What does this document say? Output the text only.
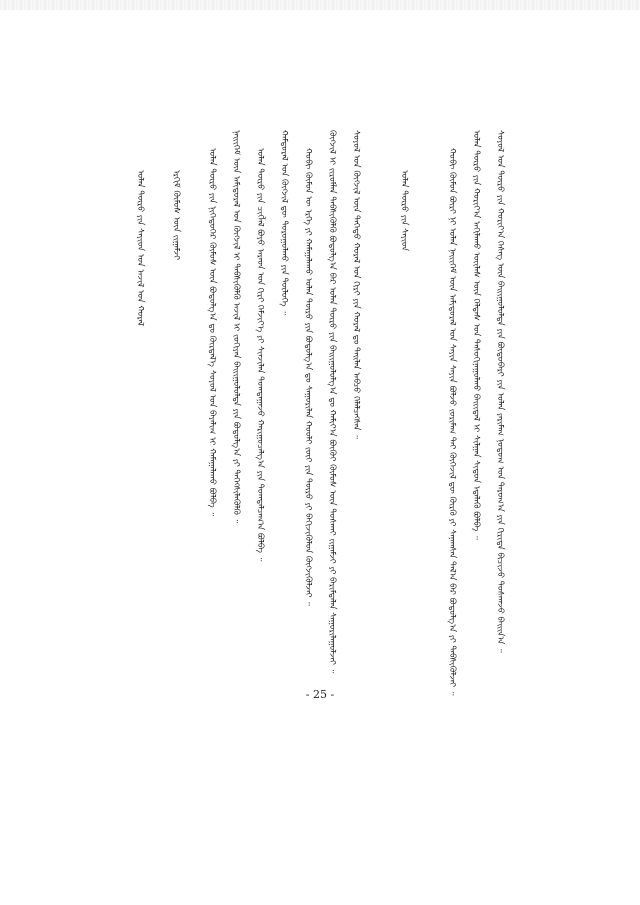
ᠰᠣᠶᠣᠯ ᠤᠨ ᠲᠥᠷᠥ ᠶᠢᠨ ᠬᠣᠷᠢᠶ᠎ᠠ ᠬᠡᠰᠡᠭ ᠦᠨ ᠪᠠᠢᠢᠭᠤᠯᠤᠯᠲᠠ ᠶᠢᠨ ᠪᠦᠳᠦᠪᠡᠷᠢ ᠶᠢᠨ ᠣᠯᠠᠨ ᠶᠠᠷᠢᠮᠠᠭ ᠨᠤᠲᠤᠭ ᠤᠨ ᠳᠠᠷᠤᠭ᠎ᠠ ᠶᠢᠨ ᠬᠢᠷᠢᠳᠡ ᠪᠢᠴᠢᠵᠦ ᠲᠤᠰᠬᠠᠵᠤ ᠪᠠᠢᠢᠨ᠎ᠠ ᠃
ᠣᠯᠠᠨ ᠲᠥᠷᠥ ᠶᠢᠨ ᠬᠣᠷᠢᠶ᠎ᠠ ᠠᠬᠢᠯᠠᠬᠤ ᠦᠢᠯᠡᠰ ᠦᠨ ᠬᠡᠯᠲᠡᠰ ᠤᠨ ᠲᠠᠰᠤᠭᠢᠨᠠᠭᠤᠯᠬᠤ ᠪᠠᠢᠢᠳᠠᠯ ᠢ ᠰᠢᠯᠭᠠᠨ ᠰᠢᠳᠤᠨ ᠡᠳᠡᠯᠡᠬᠦ ᠪᠣᠯᠪᠠ ᠃
ᠬᠤᠪᠢ ᠬᠦᠮᠦᠨ ᠪᠦᠷᠢ ᠨᠢ ᠣᠯᠠᠨ ᠨᠡᠢᠢᠭᠡᠮ ᠦᠨ ᠠᠮᠢᠳᠤᠷᠠᠯ ᠤᠨ ᠰᠠᠶᠢᠨ ᠰᠠᠶᠢᠨ ᠪᠣᠯᠵᠤ ᠵᠤᠷᠢᠮᠠᠭ ᠲᠡᠢ ᠬᠥᠬᠡᠵᠢᠯ ᠳᠦ ᠬᠦᠷᠬᠦ ᠶᠢ ᠰᠠᠨᠠᠭᠰᠠᠨ ᠲᠠᠯ᠎ᠠ ᠪᠠᠷ ᠪᠣᠳᠣᠯᠭ᠎ᠠ ᠶᠢ ᠳᠡᠪᠰᠢᠭᠦᠯᠵᠡᠢ ᠃
ᠣᠯᠠᠨ ᠲᠥᠷᠥ ᠶᠢᠨ ᠰᠠᠶᠢᠳ
ᠰᠣᠶᠣᠯ ᠤᠨ ᠬᠥᠭᠵᠢᠯ ᠦᠨ ᠳᠡᠭᠡᠳᠦ ᠬᠤᠷᠠᠯ ᠤᠨ ᠬᠢᠷᠢ ᠶᠢᠨ ᠬᠤᠷᠠᠯ ᠳᠤ ᠲᠠᠢᠯᠠᠨ ᠠᠪᠴᠤ ᠬᠡᠯᠡᠯᠴᠡᠭᠰᠡᠨ ᠃
ᠬᠥᠭᠵᠢᠯ ᠢ ᠵᠢᠷᠤᠮᠯᠠᠨ ᠳᠡᠪᠰᠢᠭᠦᠯᠬᠦ ᠪᠣᠳᠣᠯᠭ᠎ᠠ ᠪᠠᠷ ᠣᠯᠠᠨ ᠲᠥᠷᠥ ᠶᠢᠨ ᠪᠠᠢᠢᠭᠤᠯᠤᠯᠭ᠎ᠠ ᠳᠤ ᠬᠠᠮᠢᠶ᠎ᠠ ᠪᠦᠬᠦᠢ ᠬᠦᠮᠦᠰ ᠦᠨ ᠲᠤᠰᠬᠠᠢ ᠵᠢᠭᠠᠮᠵᠢ ᠶᠢ ᠪᠠᠷᠢᠮᠲᠠᠯᠠᠨ ᠰᠠᠭᠤᠷᠢᠯᠠᠭᠤᠯᠵᠠᠢ ᠃
ᠬᠤᠪᠢ ᠬᠦᠮᠦᠨ ᠦ ᠡᠷᠬᠡ ᠶᠢ ᠬᠠᠮᠠᠭᠠᠯᠠᠬᠤ ᠣᠯᠠᠨ ᠲᠥᠷᠥ ᠶᠢᠨ ᠪᠣᠳᠣᠯᠭ᠎ᠠ ᠳᠤ ᠰᠠᠭᠤᠷᠢᠯᠠᠨ ᠬᠤᠤᠯᠢ ᠵᠦᠢ ᠶᠢᠨ ᠲᠥᠷᠥ ᠶᠢ ᠪᠡᠬᠢᠵᠢᠭᠦᠯᠦᠨ ᠬᠥᠭᠵᠢᠭᠦᠯᠵᠡᠢ ᠃
ᠬᠠᠮᠲᠤᠷᠠᠯ ᠤᠨ ᠬᠥᠭᠵᠢᠯ ᠳᠦ ᠳᠣᠷᠤᠭᠤᠯᠬᠤ ᠶᠢᠨ ᠲᠥᠯᠦᠭᠡ ᠃
ᠣᠯᠠᠨ ᠲᠥᠷᠥ ᠶᠢᠨ ᠴᠢᠭᠯᠡᠯ ᠪᠤᠶᠤ ᠠᠷᠠᠳ ᠤᠨ ᠬᠢᠷᠢ ᠬᠡᠮᠵᠢᠶ᠎ᠡ ᠶᠢ ᠰᠢᠨᠵᠢᠯᠡᠨ ᠲᠣᠭᠲᠠᠭᠠᠵᠤ ᠬᠠᠷᠢᠭᠤᠴᠠᠯᠭ᠎ᠠ ᠶᠢᠨ ᠲᠣᠭᠲᠠᠯᠴᠠᠭ᠎ᠠ ᠪᠣᠯᠪᠠ ᠃
ᠨᠡᠢᠢᠭᠡᠮ ᠦᠨ ᠠᠮᠢᠳᠤᠷᠠᠯ ᠤᠨ ᠬᠥᠭᠵᠢᠯ ᠢ ᠳᠡᠪᠰᠢᠭᠦᠯᠬᠦ ᠠᠵᠢᠯ ᠢ ᠵᠣᠬᠢᠶᠠᠨ ᠪᠠᠢᠢᠭᠤᠯᠤᠯᠲᠠ ᠶᠢᠨ ᠪᠣᠳᠣᠯᠭ᠎ᠠ ᠶᠢ ᠳᠡᠭᠡᠭᠰᠢᠯᠡᠭᠦᠯᠬᠦ ᠃
ᠣᠯᠠᠨ ᠲᠥᠷᠥ ᠶᠢᠨ ᠨᠢᠭᠡᠳᠦᠭᠡᠷ ᠬᠦᠮᠦᠰ ᠦᠨ ᠪᠣᠳᠣᠯᠭ᠎ᠠ ᠳᠤ ᠬᠦᠷᠲᠡᠯ᠎ᠡ ᠰᠣᠶᠣᠯ ᠤᠨ ᠪᠠᠶᠠᠯᠢᠭ ᠢ ᠬᠠᠮᠠᠭᠠᠯᠠᠬᠤ ᠪᠣᠯᠪᠠ ᠃
ᠡᠷᠬᠢᠮ ᠬᠦᠮᠦᠰ ᠦᠨ ᠵᠢᠭᠠᠮᠵᠢ
ᠣᠯᠠᠨ ᠲᠥᠷᠥ ᠶᠢᠨ ᠰᠠᠶᠢᠳ ᠤᠨ ᠠᠵᠢᠯ ᠤᠨ ᠬᠤᠷᠠᠯ
- 25 -
